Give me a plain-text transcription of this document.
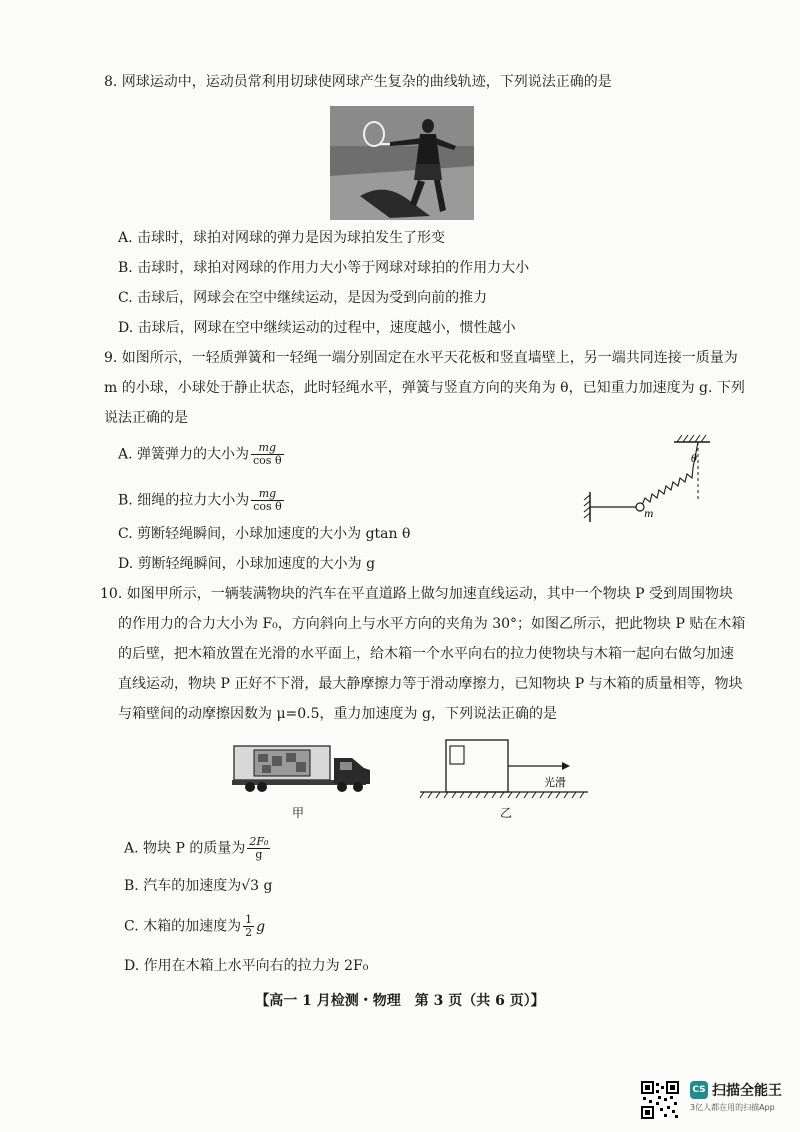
8. 网球运动中，运动员常利用切球使网球产生复杂的曲线轨迹，下列说法正确的是
A. 击球时，球拍对网球的弹力是因为球拍发生了形变
B. 击球时，球拍对网球的作用力大小等于网球对球拍的作用力大小
C. 击球后，网球会在空中继续运动，是因为受到向前的推力
D. 击球后，网球在空中继续运动的过程中，速度越小，惯性越小
9. 如图所示，一轻质弹簧和一轻绳一端分别固定在水平天花板和竖直墙壁上，另一端共同连接一质量为
m 的小球，小球处于静止状态，此时轻绳水平，弹簧与竖直方向的夹角为 θ，已知重力加速度为 g. 下列
说法正确的是
A. 弹簧弹力的大小为 $\frac{mg}{\text{cos θ}}$
B. 细绳的拉力大小为 $\frac{mg}{\text{cos θ}}$
C. 剪断轻绳瞬间，小球加速度的大小为 gtan θ
D. 剪断轻绳瞬间，小球加速度的大小为 g
m
θ
10. 如图甲所示，一辆装满物块的汽车在平直道路上做匀加速直线运动，其中一个物块 P 受到周围物块
的作用力的合力大小为 F₀，方向斜向上与水平方向的夹角为 30°；如图乙所示，把此物块 P 贴在木箱
的后壁，把木箱放置在光滑的水平面上，给木箱一个水平向右的拉力使物块与木箱一起向右做匀加速
直线运动，物块 P 正好不下滑，最大静摩擦力等于滑动摩擦力，已知物块 P 与木箱的质量相等，物块
与箱壁间的动摩擦因数为 μ=0.5，重力加速度为 g，下列说法正确的是
甲
光滑
乙
A. 物块 P 的质量为 $\frac{\text{2F₀}}{g}$
B. 汽车的加速度为√3 g
C. 木箱的加速度为 $\frac{1}{2}$ g
D. 作用在木箱上水平向右的拉力为 2F₀
【高一 1 月检测・物理　第 3 页（共 6 页）】
CS 扫描全能王
3亿人都在用的扫描App
